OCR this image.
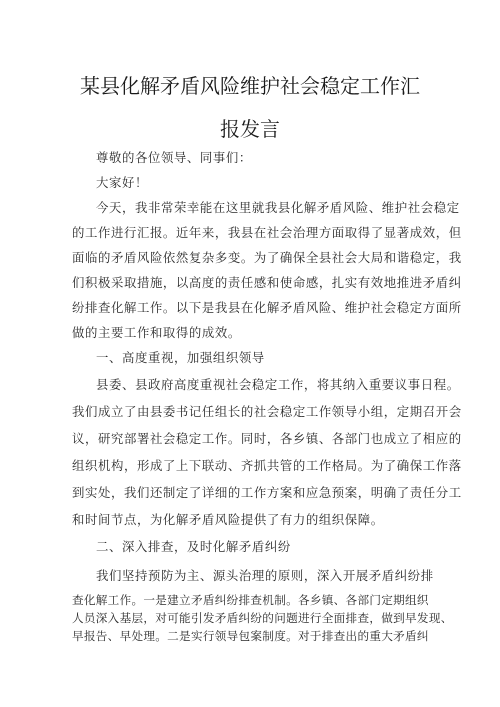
某县化解矛盾风险维护社会稳定工作汇
报发言
尊敬的各位领导、同事们：
大家好！
今天，我非常荣幸能在这里就我县化解矛盾风险、维护社会稳定
的工作进行汇报。近年来，我县在社会治理方面取得了显著成效，但
面临的矛盾风险依然复杂多变。为了确保全县社会大局和谐稳定，我
们积极采取措施，以高度的责任感和使命感，扎实有效地推进矛盾纠
纷排查化解工作。以下是我县在化解矛盾风险、维护社会稳定方面所
做的主要工作和取得的成效。
一、高度重视，加强组织领导
县委、县政府高度重视社会稳定工作，将其纳入重要议事日程。
我们成立了由县委书记任组长的社会稳定工作领导小组，定期召开会
议，研究部署社会稳定工作。同时，各乡镇、各部门也成立了相应的
组织机构，形成了上下联动、齐抓共管的工作格局。为了确保工作落
到实处，我们还制定了详细的工作方案和应急预案，明确了责任分工
和时间节点，为化解矛盾风险提供了有力的组织保障。
二、深入排查，及时化解矛盾纠纷
我们坚持预防为主、源头治理的原则，深入开展矛盾纠纷排
查化解工作。一是建立矛盾纠纷排查机制。各乡镇、各部门定期组织
人员深入基层，对可能引发矛盾纠纷的问题进行全面排查，做到早发现、
早报告、早处理。二是实行领导包案制度。对于排查出的重大矛盾纠
